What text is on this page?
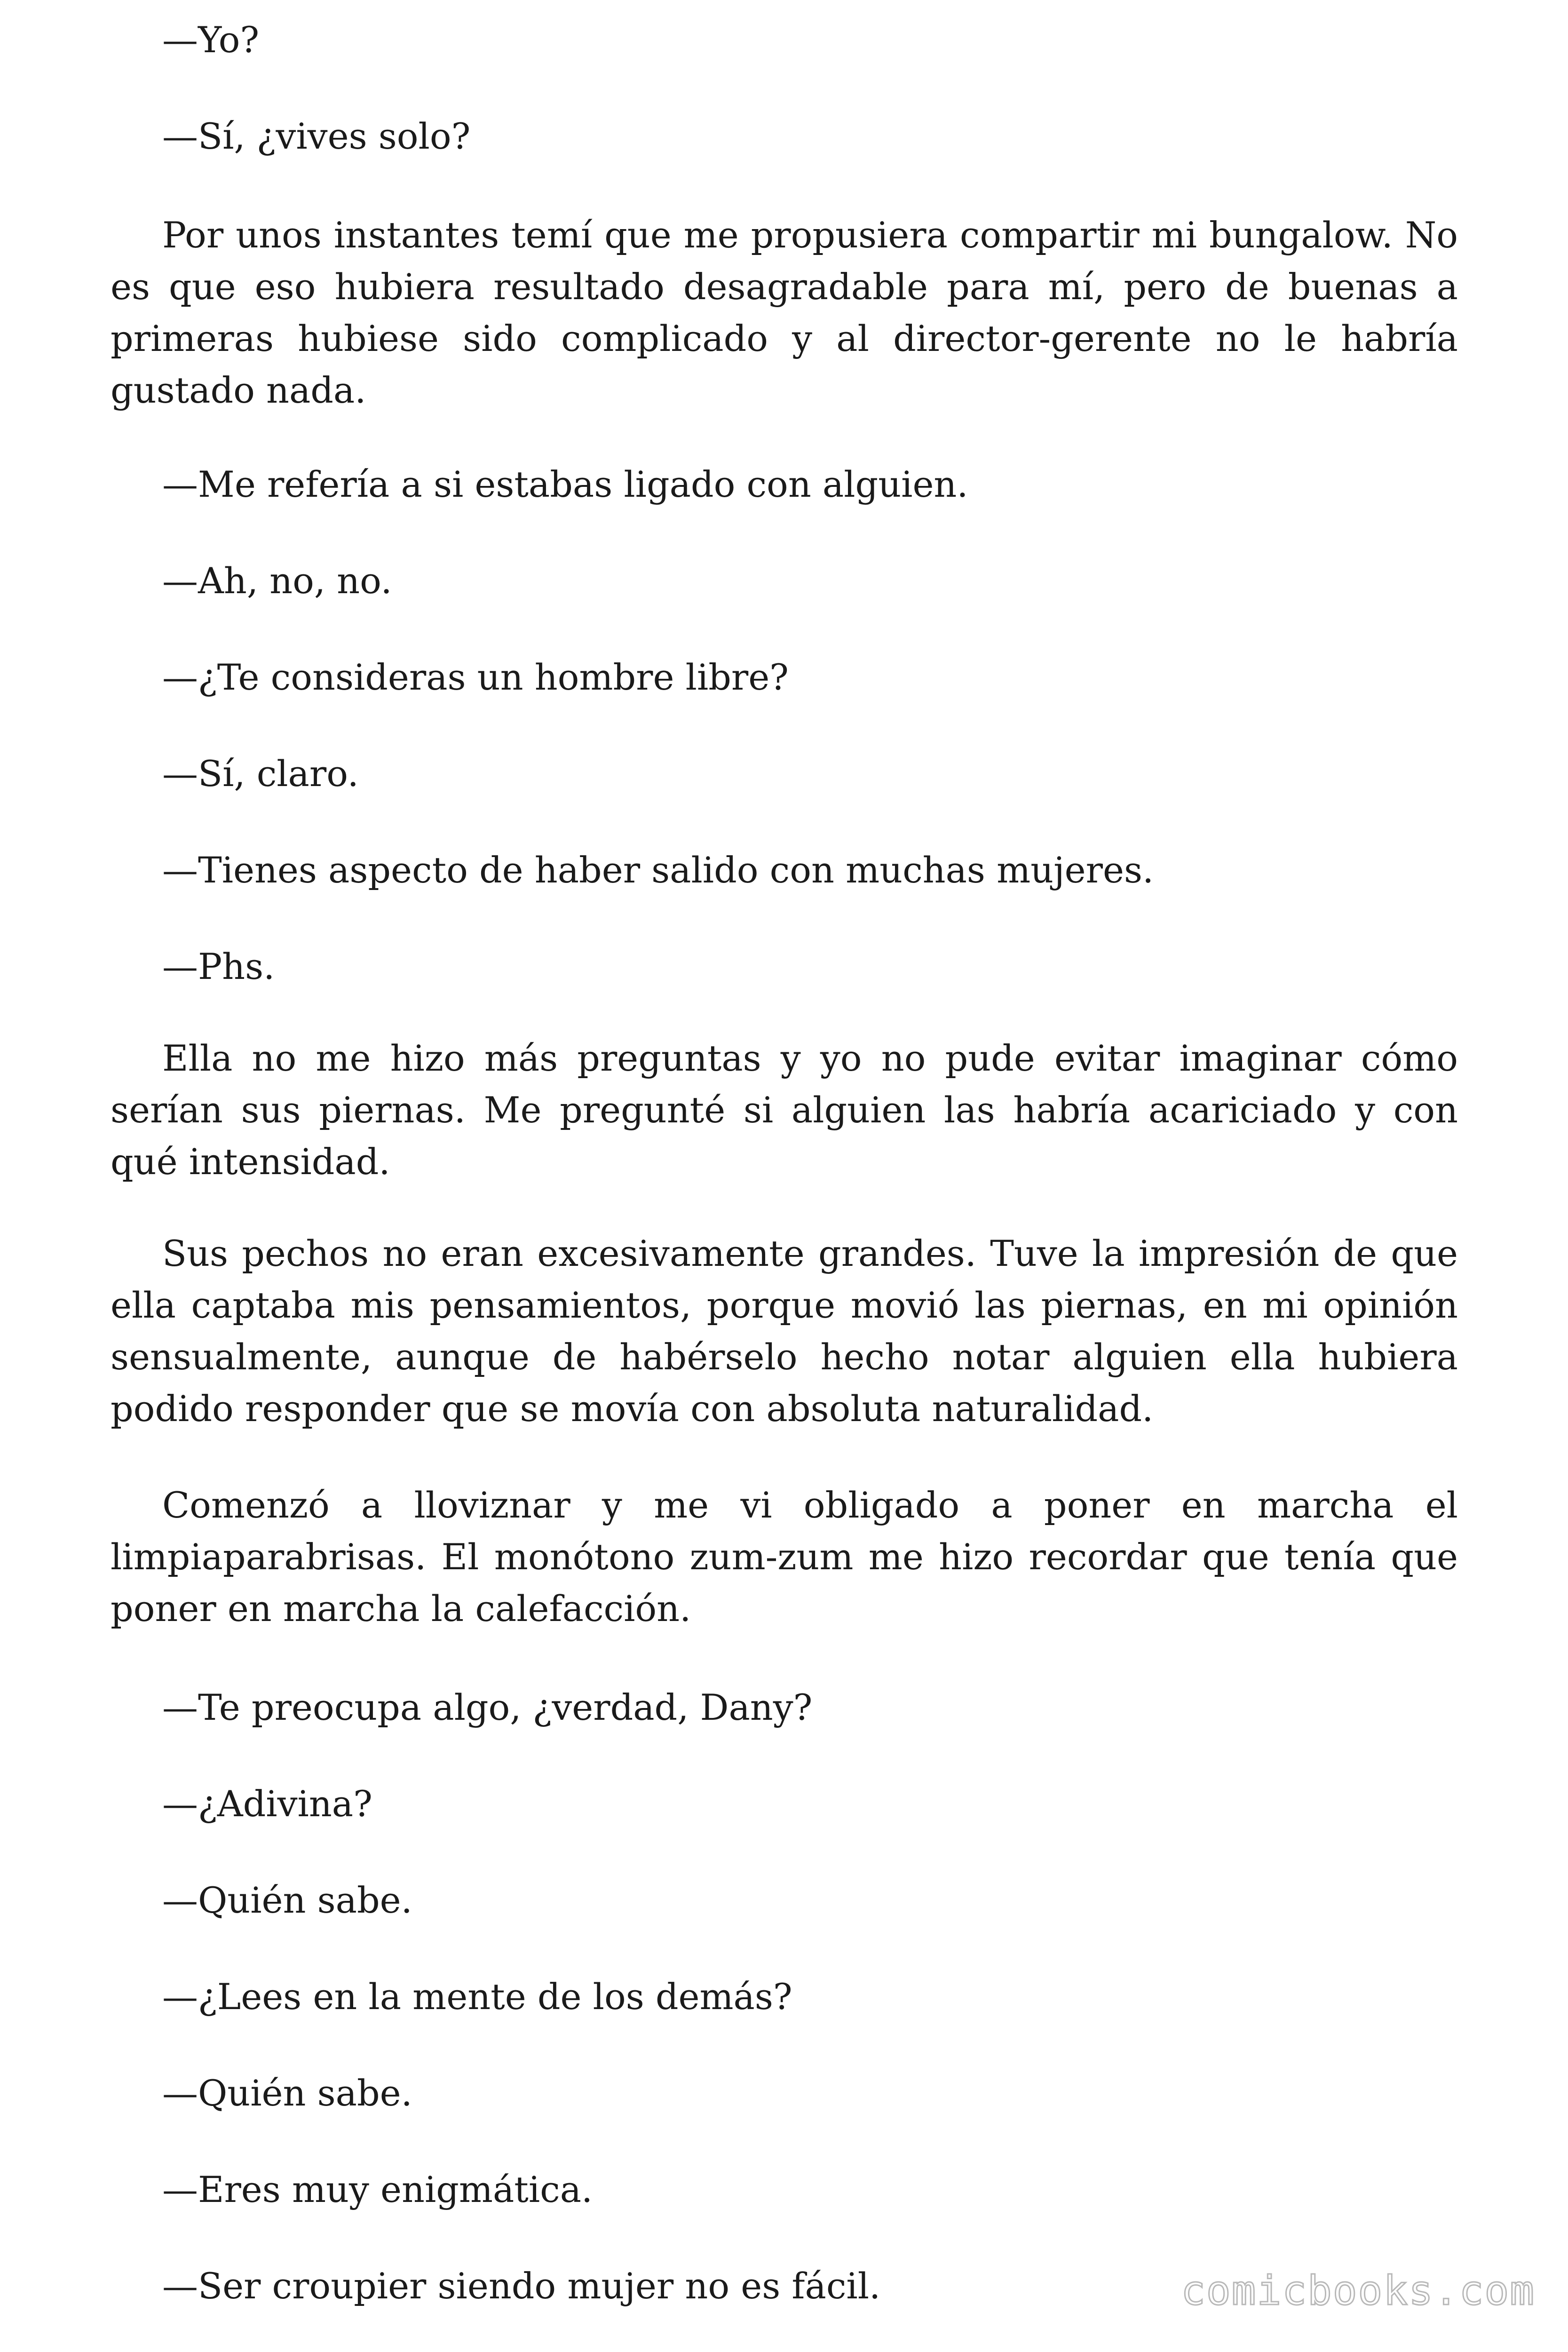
—Yo?

—Sí, ¿vives solo?

Por unos instantes temí que me propusiera compartir mi bungalow. No es que eso hubiera resultado desagradable para mí, pero de buenas a primeras hubiese sido complicado y al director-gerente no le habría gustado nada.

—Me refería a si estabas ligado con alguien.

—Ah, no, no.

—¿Te consideras un hombre libre?

—Sí, claro.

—Tienes aspecto de haber salido con muchas mujeres.

—Phs.

Ella no me hizo más preguntas y yo no pude evitar imaginar cómo serían sus piernas. Me pregunté si alguien las habría acariciado y con qué intensidad.

Sus pechos no eran excesivamente grandes. Tuve la impresión de que ella captaba mis pensamientos, porque movió las piernas, en mi opinión sensualmente, aunque de habérselo hecho notar alguien ella hubiera podido responder que se movía con absoluta naturalidad.

Comenzó a lloviznar y me vi obligado a poner en marcha el limpiaparabrisas. El monótono zum-zum me hizo recordar que tenía que poner en marcha la calefacción.

—Te preocupa algo, ¿verdad, Dany?

—¿Adivina?

—Quién sabe.

—¿Lees en la mente de los demás?

—Quién sabe.

—Eres muy enigmática.

—Ser croupier siendo mujer no es fácil.	comicbooks.com
